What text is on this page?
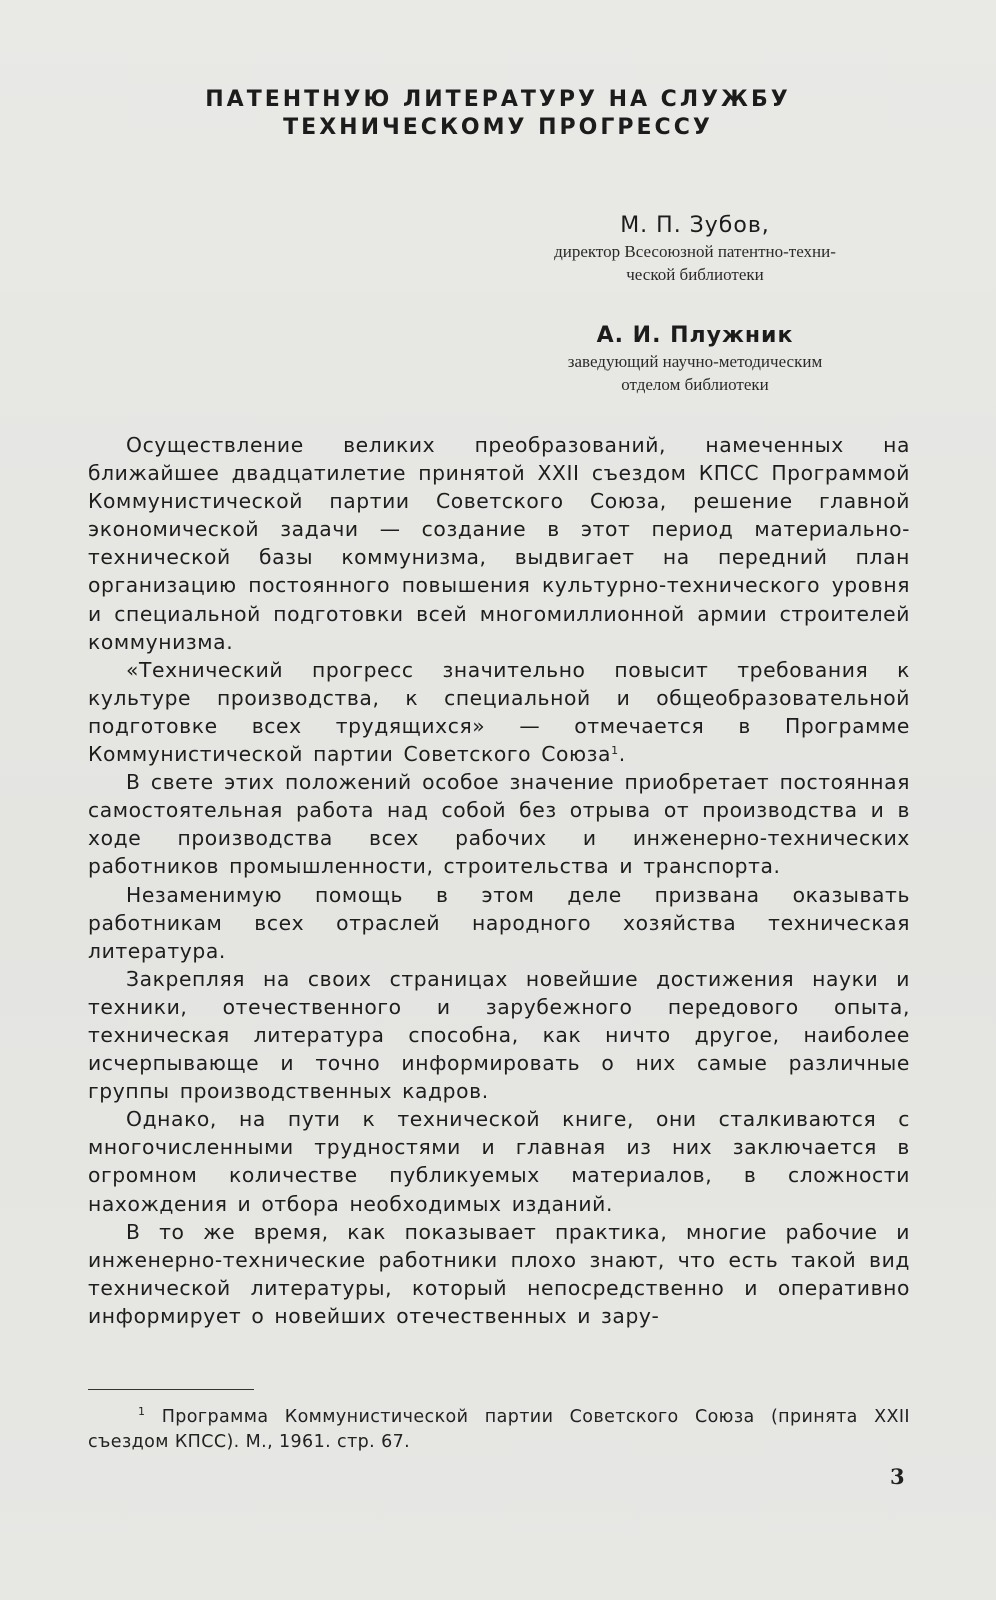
ПАТЕНТНУЮ ЛИТЕРАТУРУ НА СЛУЖБУ
ТЕХНИЧЕСКОМУ ПРОГРЕССУ
М. П. Зубов,
директор Всесоюзной патентно-техни-
ческой библиотеки
А. И. Плужник
заведующий научно-методическим
отделом библиотеки

Осуществление великих преобразований, намеченных на ближайшее двадцатилетие принятой XXII съездом КПСС Программой Коммунистической партии Советского Союза, решение главной экономической задачи — создание в этот период материально-технической базы коммунизма, выдвигает на передний план организацию постоянного повышения культурно-технического уровня и специальной подготовки всей многомиллионной армии строителей коммунизма.

«Технический прогресс значительно повысит требования к культуре производства, к специальной и общеобразовательной подготовке всех трудящихся» — отмечается в Программе Коммунистической партии Советского Союза$^1$.

В свете этих положений особое значение приобретает постоянная самостоятельная работа над собой без отрыва от производства и в ходе производства всех рабочих и инженерно-технических работников промышленности, строительства и транспорта.

Незаменимую помощь в этом деле призвана оказывать работникам всех отраслей народного хозяйства техническая литература.

Закрепляя на своих страницах новейшие достижения науки и техники, отечественного и зарубежного передового опыта, техническая литература способна, как ничто другое, наиболее исчерпывающе и точно информировать о них самые различные группы производственных кадров.

Однако, на пути к технической книге, они сталкиваются с многочисленными трудностями и главная из них заключается в огромном количестве публикуемых материалов, в сложности нахождения и отбора необходимых изданий.

В то же время, как показывает практика, многие рабочие и инженерно-технические работники плохо знают, что есть такой вид технической литературы, который непосредственно и оперативно информирует о новейших отечественных и зару-

$^1$ Программа Коммунистической партии Советского Союза (принята XXII съездом КПСС). М., 1961. стр. 67.
3
